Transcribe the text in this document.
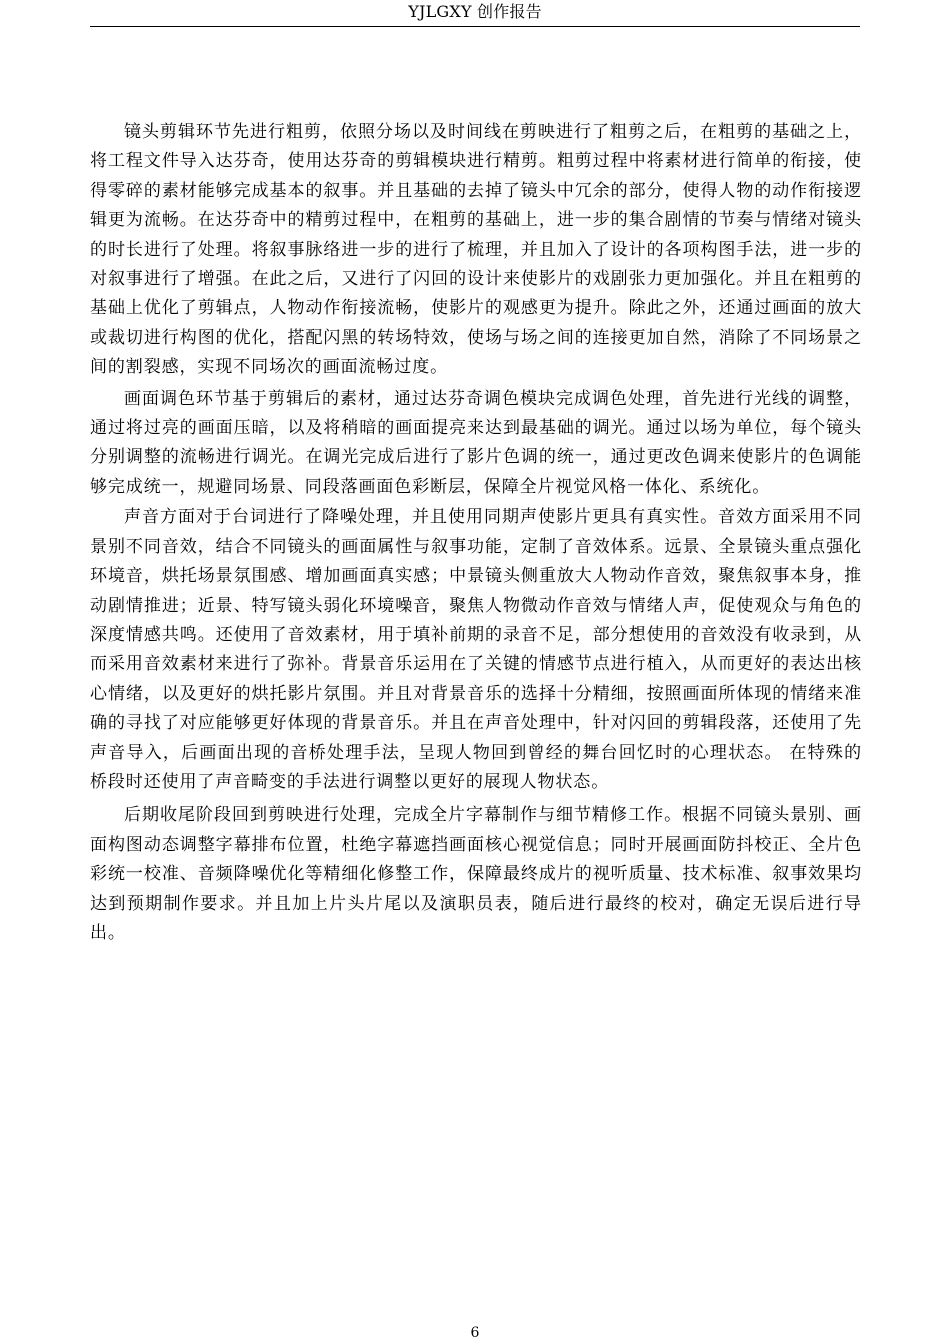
YJLGXY 创作报告

镜头剪辑环节先进行粗剪，依照分场以及时间线在剪映进行了粗剪之后，在粗剪的基础之上，将工程文件导入达芬奇，使用达芬奇的剪辑模块进行精剪。粗剪过程中将素材进行简单的衔接，使得零碎的素材能够完成基本的叙事。并且基础的去掉了镜头中冗余的部分，使得人物的动作衔接逻辑更为流畅。在达芬奇中的精剪过程中，在粗剪的基础上，进一步的集合剧情的节奏与情绪对镜头的时长进行了处理。将叙事脉络进一步的进行了梳理，并且加入了设计的各项构图手法，进一步的对叙事进行了增强。在此之后，又进行了闪回的设计来使影片的戏剧张力更加强化。并且在粗剪的基础上优化了剪辑点，人物动作衔接流畅，使影片的观感更为提升。除此之外，还通过画面的放大或裁切进行构图的优化，搭配闪黑的转场特效，使场与场之间的连接更加自然，消除了不同场景之间的割裂感，实现不同场次的画面流畅过度。

画面调色环节基于剪辑后的素材，通过达芬奇调色模块完成调色处理，首先进行光线的调整，通过将过亮的画面压暗，以及将稍暗的画面提亮来达到最基础的调光。通过以场为单位，每个镜头分别调整的流畅进行调光。在调光完成后进行了影片色调的统一，通过更改色调来使影片的色调能够完成统一，规避同场景、同段落画面色彩断层，保障全片视觉风格一体化、系统化。

声音方面对于台词进行了降噪处理，并且使用同期声使影片更具有真实性。音效方面采用不同景别不同音效，结合不同镜头的画面属性与叙事功能，定制了音效体系。远景、全景镜头重点强化环境音，烘托场景氛围感、增加画面真实感；中景镜头侧重放大人物动作音效，聚焦叙事本身，推动剧情推进；近景、特写镜头弱化环境噪音，聚焦人物微动作音效与情绪人声，促使观众与角色的深度情感共鸣。还使用了音效素材，用于填补前期的录音不足，部分想使用的音效没有收录到，从而采用音效素材来进行了弥补。背景音乐运用在了关键的情感节点进行植入，从而更好的表达出核心情绪，以及更好的烘托影片氛围。并且对背景音乐的选择十分精细，按照画面所体现的情绪来准确的寻找了对应能够更好体现的背景音乐。并且在声音处理中，针对闪回的剪辑段落，还使用了先声音导入，后画面出现的音桥处理手法，呈现人物回到曾经的舞台回忆时的心理状态。 在特殊的桥段时还使用了声音畸变的手法进行调整以更好的展现人物状态。

后期收尾阶段回到剪映进行处理，完成全片字幕制作与细节精修工作。根据不同镜头景别、画面构图动态调整字幕排布位置，杜绝字幕遮挡画面核心视觉信息；同时开展画面防抖校正、全片色彩统一校准、音频降噪优化等精细化修整工作，保障最终成片的视听质量、技术标准、叙事效果均达到预期制作要求。并且加上片头片尾以及演职员表，随后进行最终的校对，确定无误后进行导出。

6
